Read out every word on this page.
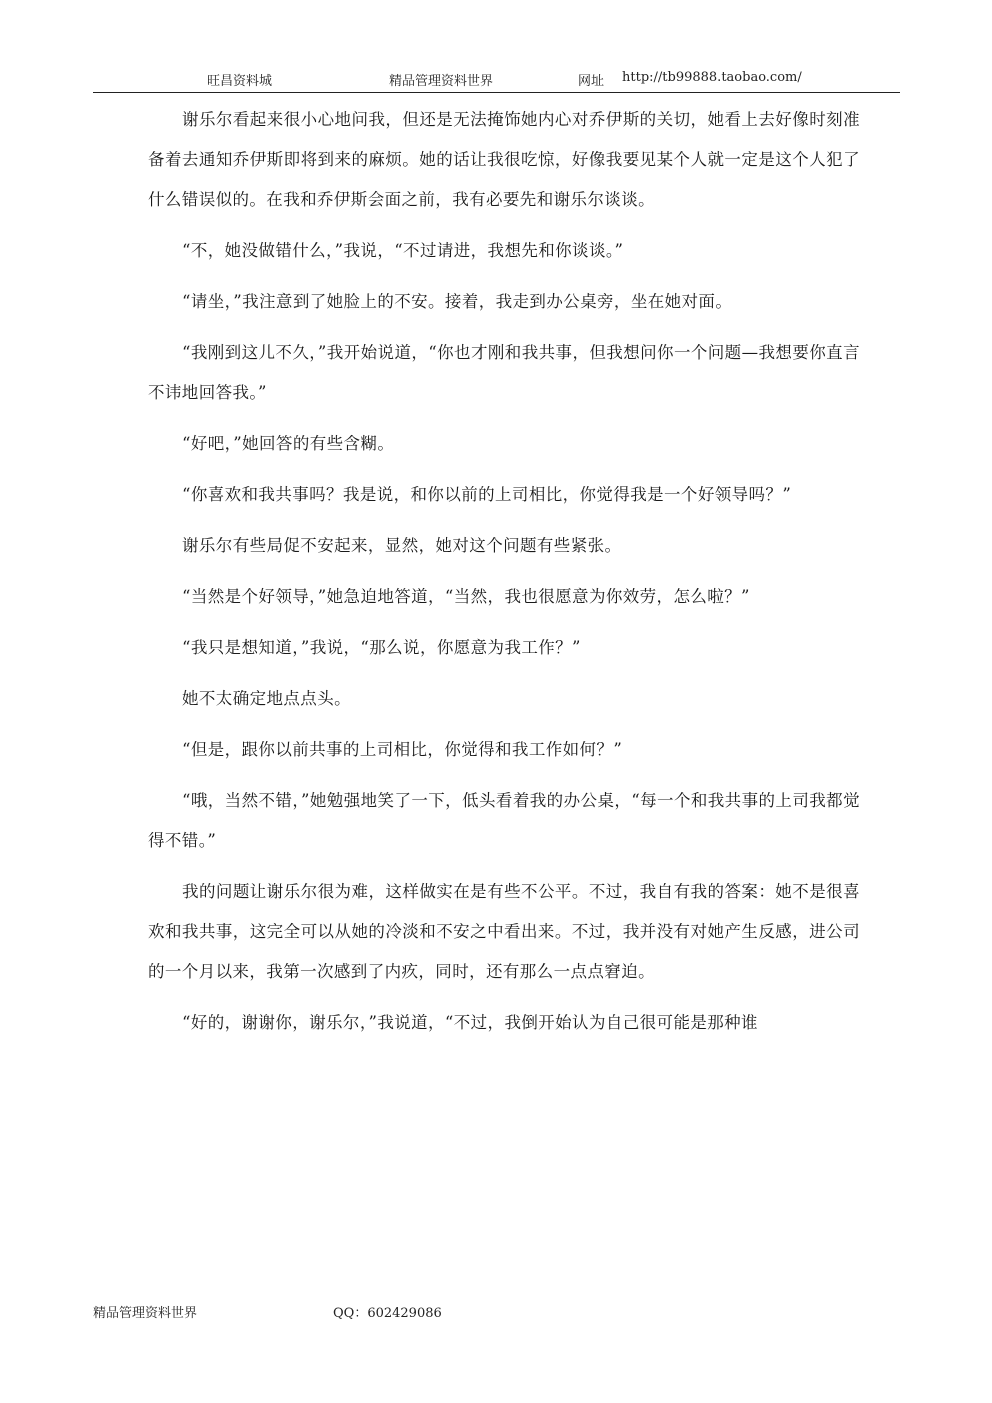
旺昌资料城	精品管理资料世界	网址 http://tb99888.taobao.com/

谢乐尔看起来很小心地问我，但还是无法掩饰她内心对乔伊斯的关切，她看上去好像时刻准备着去通知乔伊斯即将到来的麻烦。她的话让我很吃惊，好像我要见某个人就一定是这个人犯了什么错误似的。在我和乔伊斯会面之前，我有必要先和谢乐尔谈谈。

“不，她没做错什么，”我说，“不过请进，我想先和你谈谈。”

“请坐，”我注意到了她脸上的不安。接着，我走到办公桌旁，坐在她对面。

“我刚到这儿不久，”我开始说道，“你也才刚和我共事，但我想问你一个问题—我想要你直言不讳地回答我。”

“好吧，”她回答的有些含糊。

“你喜欢和我共事吗？我是说，和你以前的上司相比，你觉得我是一个好领导吗？”

谢乐尔有些局促不安起来，显然，她对这个问题有些紧张。

“当然是个好领导，”她急迫地答道，“当然，我也很愿意为你效劳，怎么啦？”

“我只是想知道，”我说，“那么说，你愿意为我工作？”

她不太确定地点点头。

“但是，跟你以前共事的上司相比，你觉得和我工作如何？”

“哦，当然不错，”她勉强地笑了一下，低头看着我的办公桌，“每一个和我共事的上司我都觉得不错。”

我的问题让谢乐尔很为难，这样做实在是有些不公平。不过，我自有我的答案：她不是很喜欢和我共事，这完全可以从她的冷淡和不安之中看出来。不过，我并没有对她产生反感，进公司的一个月以来，我第一次感到了内疚，同时，还有那么一点点窘迫。

“好的，谢谢你，谢乐尔，”我说道，“不过，我倒开始认为自己很可能是那种谁

精品管理资料世界	QQ：602429086
